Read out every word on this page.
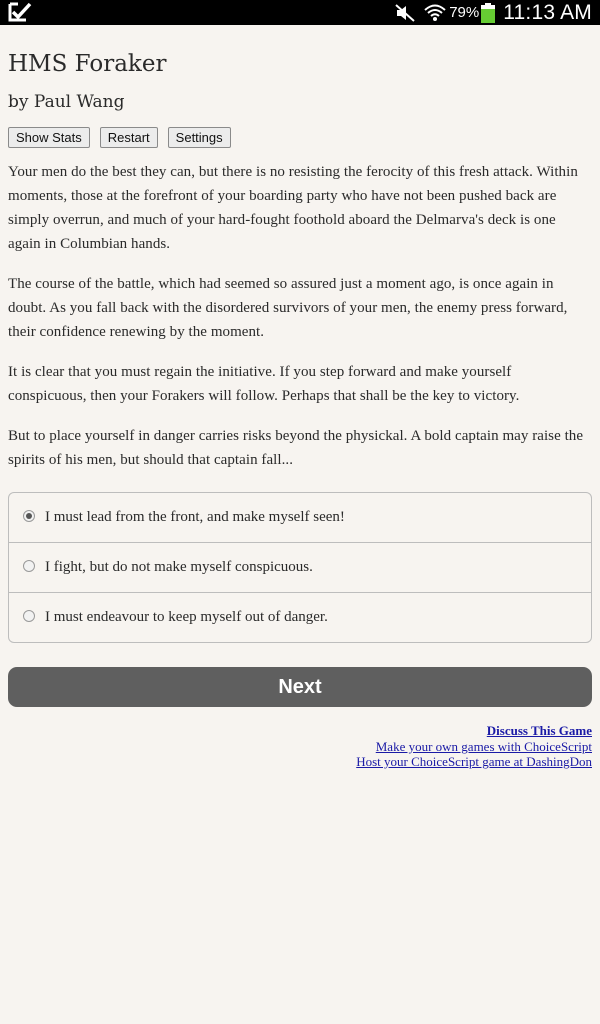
79% 11:13 AM
HMS Foraker
by Paul Wang
Show Stats	Restart	Settings

Your men do the best they can, but there is no resisting the ferocity of this fresh attack. Within moments, those at the forefront of your boarding party who have not been pushed back are simply overrun, and much of your hard-fought foothold aboard the Delmarva's deck is one again in Columbian hands.

The course of the battle, which had seemed so assured just a moment ago, is once again in doubt. As you fall back with the disordered survivors of your men, the enemy press forward, their confidence renewing by the moment.

It is clear that you must regain the initiative. If you step forward and make yourself conspicuous, then your Forakers will follow. Perhaps that shall be the key to victory.

But to place yourself in danger carries risks beyond the physickal. A bold captain may raise the spirits of his men, but should that captain fall...

I must lead from the front, and make myself seen!
I fight, but do not make myself conspicuous.
I must endeavour to keep myself out of danger.
Next
Discuss This Game
Make your own games with ChoiceScript
Host your ChoiceScript game at DashingDon
